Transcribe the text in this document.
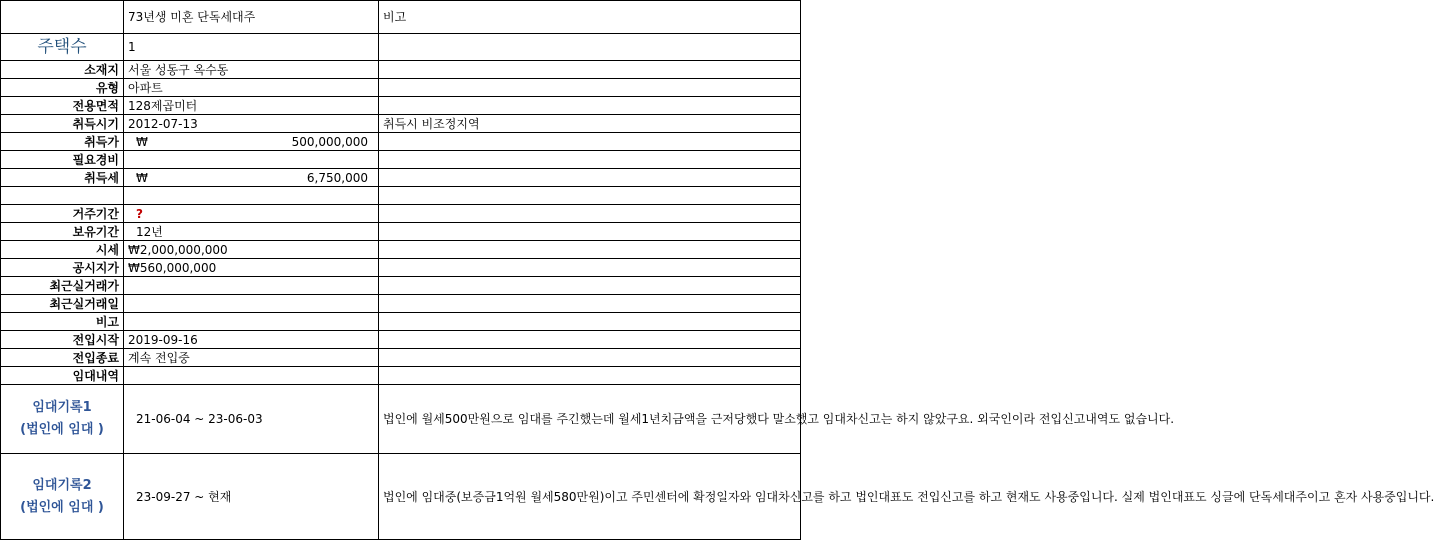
	73년생 미혼 단독세대주	비고
주택수	1	
소재지	서울 성동구 옥수동	
유형	아파트	
전용면적	128제곱미터	
취득시기	2012-07-13	취득시 비조정지역
취득가	₩ 500,000,000	

필요경비		
취득세	₩ 6,750,000	

거주기간	?	
보유기간	12년	
시세	₩2,000,000,000	
공시지가	₩560,000,000	
최근실거래가		
최근실거래일		
비고		
전입시작	2019-09-16	
전입종료	계속 전입중	
임대내역		

임대기록1
(법인에 임대 )	21-06-04 ~ 23-06-03	법인에 월세500만원으로 임대를 주긴했는데 월세1년치금액을 근저당했다 말소했고 임대차신고는 하지 않았구요. 외국인이라 전입신고내역도 없습니다.

임대기록2
(법인에 임대 )	23-09-27 ~ 현재	법인에 임대중(보증금1억원 월세580만원)이고 주민센터에 확정일자와 임대차신고를 하고 법인대표도 전입신고를 하고 현재도 사용중입니다. 실제 법인대표도 싱글에 단독세대주이고 혼자 사용중입니다.
